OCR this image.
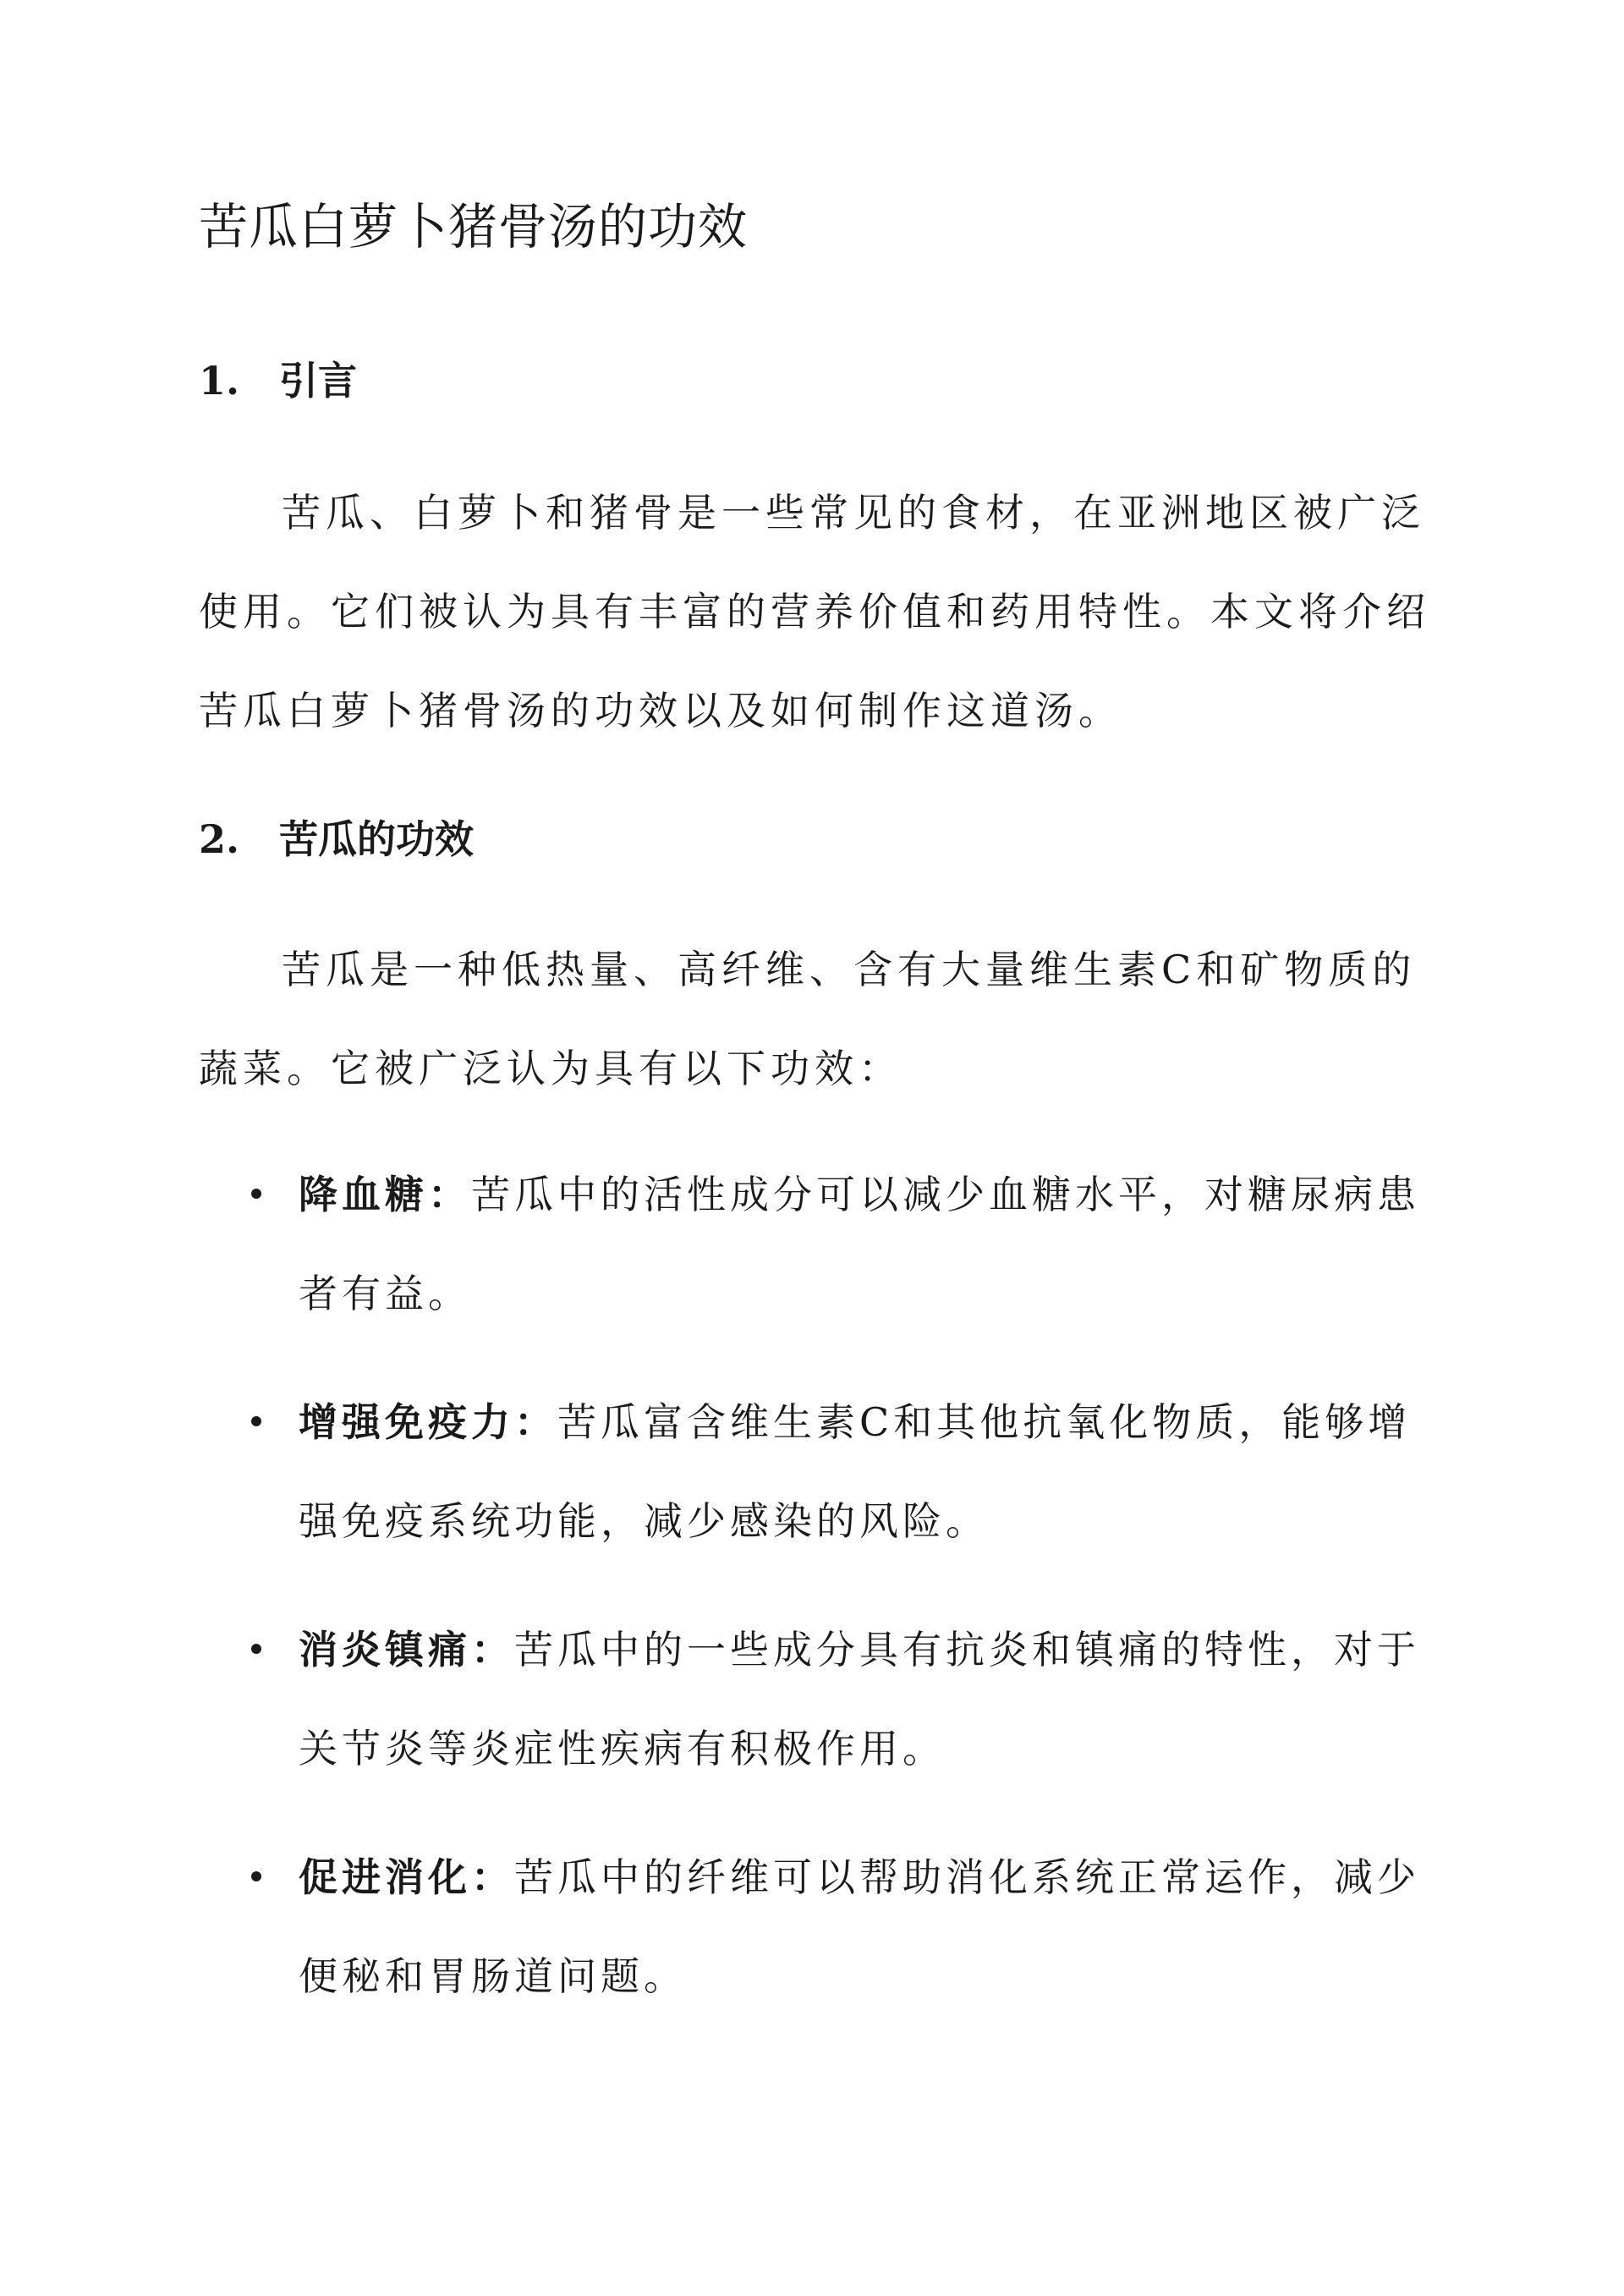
苦瓜白萝卜猪骨汤的功效
1. 引言

苦瓜、白萝卜和猪骨是一些常见的食材，在亚洲地区被广泛使用。它们被认为具有丰富的营养价值和药用特性。本文将介绍苦瓜白萝卜猪骨汤的功效以及如何制作这道汤。

2. 苦瓜的功效

苦瓜是一种低热量、高纤维、含有大量维生素C和矿物质的蔬菜。它被广泛认为具有以下功效：

降血糖：苦瓜中的活性成分可以减少血糖水平，对糖尿病患者有益。
增强免疫力：苦瓜富含维生素C和其他抗氧化物质，能够增强免疫系统功能，减少感染的风险。
消炎镇痛：苦瓜中的一些成分具有抗炎和镇痛的特性，对于关节炎等炎症性疾病有积极作用。
促进消化：苦瓜中的纤维可以帮助消化系统正常运作，减少便秘和胃肠道问题。
